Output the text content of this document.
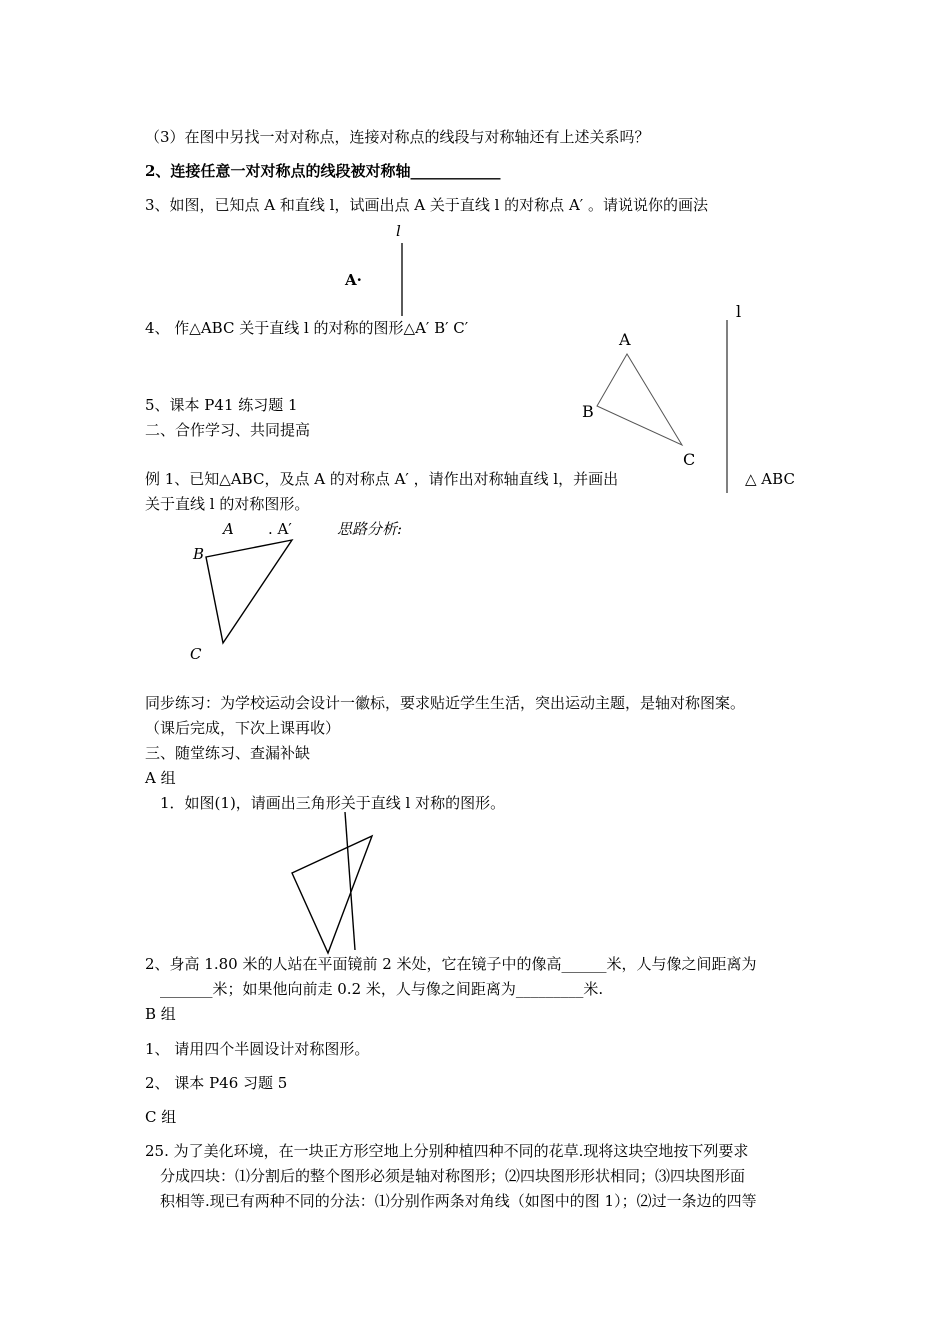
（3）在图中另找一对对称点，连接对称点的线段与对称轴还有上述关系吗？
2、连接任意一对对称点的线段被对称轴____________
3、如图，已知点 A 和直线 l，试画出点 A 关于直线 l 的对称点 A′ 。请说说你的画法
4、 作△ABC 关于直线 l 的对称的图形△A′ B′ C′
5、课本 P41 练习题 1
二、合作学习、共同提高
例 1、已知△ABC，及点 A 的对称点 A′ ，请作出对称轴直线 l，并画出	△ ABC
关于直线 l 的对称图形。
同步练习：为学校运动会设计一徽标，要求贴近学生生活，突出运动主题，是轴对称图案。
（课后完成，下次上课再收）
三、随堂练习、查漏补缺
A 组
1．如图(1)，请画出三角形关于直线 l 对称的图形。
2、身高 1.80 米的人站在平面镜前 2 米处，它在镜子中的像高______米，人与像之间距离为
_______米；如果他向前走 0.2 米，人与像之间距离为_________米.
B 组
1、 请用四个半圆设计对称图形。
2、 课本 P46 习题 5
C 组
25. 为了美化环境，在一块正方形空地上分别种植四种不同的花草.现将这块空地按下列要求
分成四块：⑴分割后的整个图形必须是轴对称图形；⑵四块图形形状相同；⑶四块图形面
积相等.现已有两种不同的分法：⑴分别作两条对角线（如图中的图 1）；⑵过一条边的四等
l
A·
l
A
B
C
A . A′
B
C
思路分析:
